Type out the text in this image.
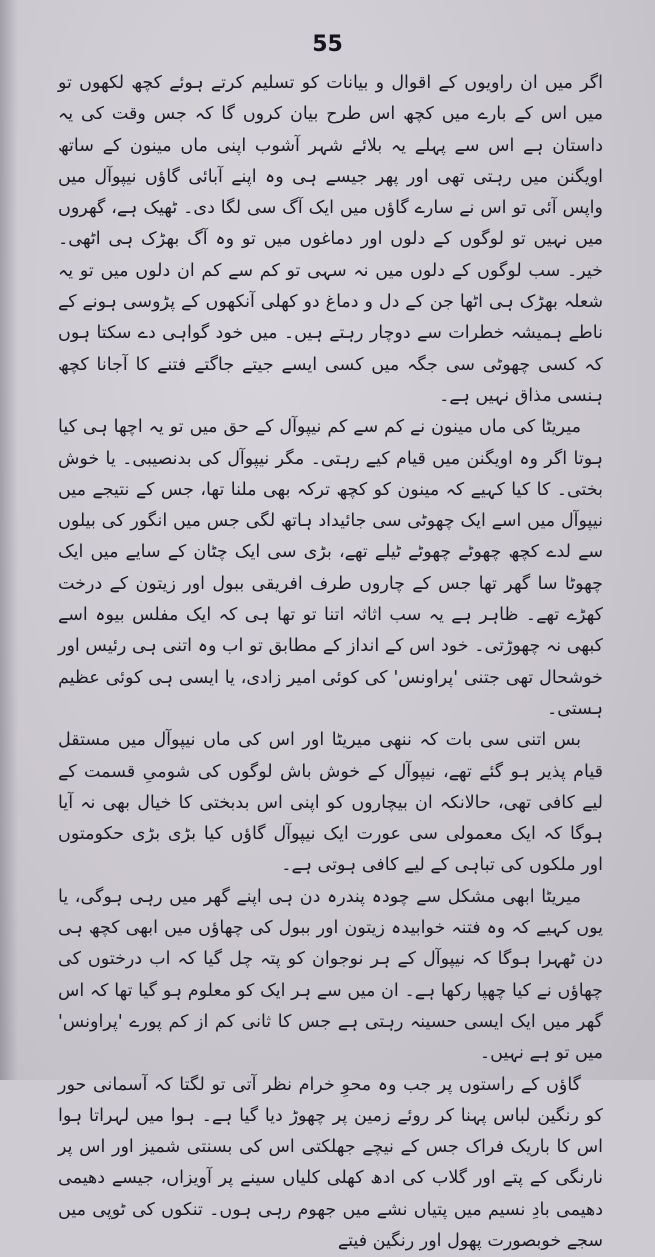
55

اگر میں ان راویوں کے اقوال و بیانات کو تسلیم کرتے ہوئے کچھ لکھوں تو میں اس کے بارے میں کچھ اس طرح بیان کروں گا کہ جس وقت کی یہ داستان ہے اس سے پہلے یہ بلائے شہر آشوب اپنی ماں مینون کے ساتھ اویگنن میں رہتی تھی اور پھر جیسے ہی وہ اپنے آبائی گاؤں نیپوآل میں واپس آئی تو اس نے سارے گاؤں میں ایک آگ سی لگا دی۔ ٹھیک ہے، گھروں میں نہیں تو لوگوں کے دلوں اور دماغوں میں تو وہ آگ بھڑک ہی اٹھی۔ خیر۔ سب لوگوں کے دلوں میں نہ سہی تو کم سے کم ان دلوں میں تو یہ شعلہ بھڑک ہی اٹھا جن کے دل و دماغ دو کھلی آنکھوں کے پڑوسی ہونے کے ناطے ہمیشہ خطرات سے دوچار رہتے ہیں۔ میں خود گواہی دے سکتا ہوں کہ کسی چھوٹی سی جگہ میں کسی ایسے جیتے جاگتے فتنے کا آجانا کچھ ہنسی مذاق نہیں ہے۔

میریٹا کی ماں مینون نے کم سے کم نیپوآل کے حق میں تو یہ اچھا ہی کیا ہوتا اگر وہ اویگنن میں قیام کیے رہتی۔ مگر نیپوآل کی بدنصیبی۔ یا خوش بختی۔ کا کیا کہیے کہ مینون کو کچھ ترکہ بھی ملنا تھا، جس کے نتیجے میں نیپوآل میں اسے ایک چھوٹی سی جائیداد ہاتھ لگی جس میں انگور کی بیلوں سے لدے کچھ چھوٹے چھوٹے ٹیلے تھے، بڑی سی ایک چٹان کے سایے میں ایک چھوٹا سا گھر تھا جس کے چاروں طرف افریقی ببول اور زیتون کے درخت کھڑے تھے۔ ظاہر ہے یہ سب اثاثہ اتنا تو تھا ہی کہ ایک مفلس بیوہ اسے کبھی نہ چھوڑتی۔ خود اس کے انداز کے مطابق تو اب وہ اتنی ہی رئیس اور خوشحال تھی جتنی 'پراونس' کی کوئی امیر زادی، یا ایسی ہی کوئی عظیم ہستی۔

بس اتنی سی بات کہ ننھی میریٹا اور اس کی ماں نیپوآل میں مستقل قیام پذیر ہو گئے تھے، نیپوآل کے خوش باش لوگوں کی شومیِ قسمت کے لیے کافی تھی، حالانکہ ان بیچاروں کو اپنی اس بدبختی کا خیال بھی نہ آیا ہوگا کہ ایک معمولی سی عورت ایک نیپوآل گاؤں کیا بڑی بڑی حکومتوں اور ملکوں کی تباہی کے لیے کافی ہوتی ہے۔

میریٹا ابھی مشکل سے چودہ پندرہ دن ہی اپنے گھر میں رہی ہوگی، یا یوں کہیے کہ وہ فتنہ خوابیدہ زیتون اور ببول کی چھاؤں میں ابھی کچھ ہی دن ٹھہرا ہوگا کہ نیپوآل کے ہر نوجوان کو پتہ چل گیا کہ اب درختوں کی چھاؤں نے کیا چھپا رکھا ہے۔ ان میں سے ہر ایک کو معلوم ہو گیا تھا کہ اس گھر میں ایک ایسی حسینہ رہتی ہے جس کا ثانی کم از کم پورے 'پراونس' میں تو ہے نہیں۔

گاؤں کے راستوں پر جب وہ محوِ خرام نظر آتی تو لگتا کہ آسمانی حور کو رنگین لباس پہنا کر روئے زمین پر چھوڑ دیا گیا ہے۔ ہوا میں لہراتا ہوا اس کا باریک فراک جس کے نیچے جھلکتی اس کی بسنتی شمیز اور اس پر نارنگی کے پتے اور گلاب کی ادھ کھلی کلیاں سینے پر آویزاں، جیسے دھیمی دھیمی بادِ نسیم میں پتیاں نشے میں جھوم رہی ہوں۔ تنکوں کی ٹوپی میں سجے خوبصورت پھول اور رنگین فیتے
